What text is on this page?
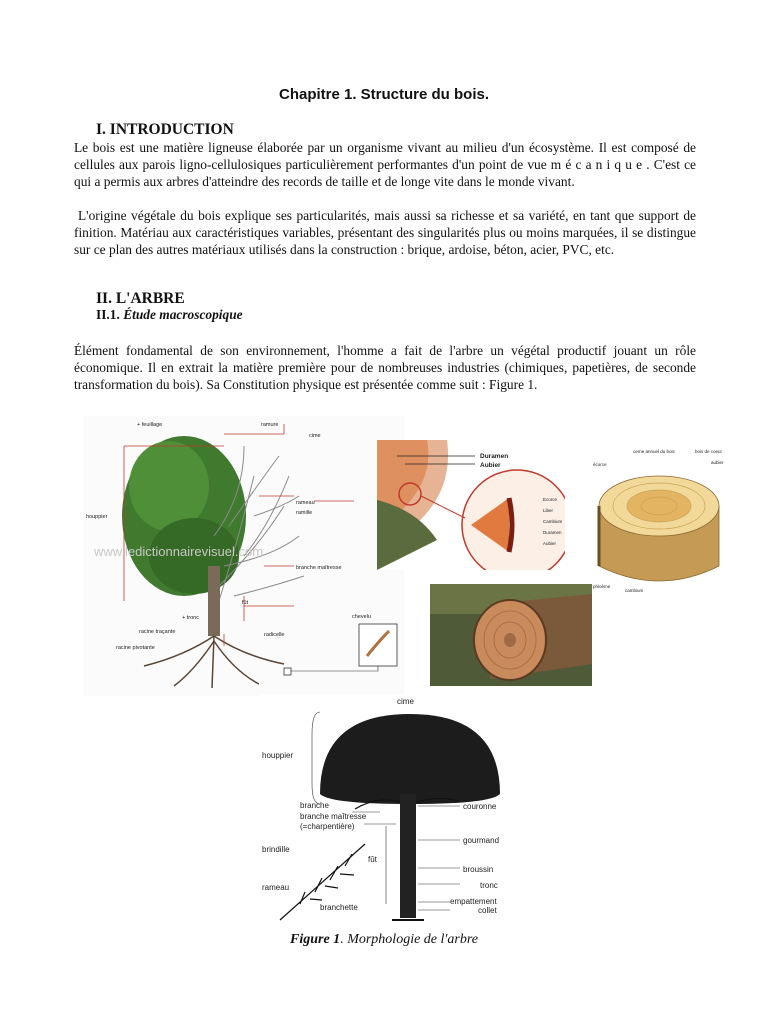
Chapitre 1. Structure du bois.
I. INTRODUCTION
Le bois est une matière ligneuse élaborée par un organisme vivant au milieu d'un écosystème. Il est composé de cellules aux parois ligno-cellulosiques particulièrement performantes d'un point de vue m é c a n i q u e . C'est ce qui a permis aux arbres d'atteindre des records de taille et de longe vite dans le monde vivant.
L'origine végétale du bois explique ses particularités, mais aussi sa richesse et sa variété, en tant que support de finition. Matériau aux caractéristiques variables, présentant des singularités plus ou moins marquées, il se distingue sur ce plan des autres matériaux utilisés dans la construction : brique, ardoise, béton, acier, PVC, etc.
II. L'ARBRE
II.1. Étude macroscopique
Élément fondamental de son environnement, l'homme a fait de l'arbre un végétal productif jouant un rôle économique. Il en extrait la matière première pour de nombreuses industries (chimiques, papetières, de seconde transformation du bois). Sa Constitution physique est présentée comme suit : Figure 1.
+ feuillage	ramure
cime
houppier
rameau
ramille
branche maîtresse
fût
+ tronc	chevelu
racine traçante	radicelle
racine pivotante
www.ledictionnairevisuel.com
Duramen
Aubier
Ecorce
Liber
Cambium
Duramen
Aubier
cerne annuel du bois	bois de coeur
écorce	aubier
phloème
cambium
cime
houppier
branche
branche maîtresse
(=charpentière)
brindille
fût
rameau
branchette
couronne
gourmand
broussin
tronc
empattement
collet
Figure 1. Morphologie de l'arbre
